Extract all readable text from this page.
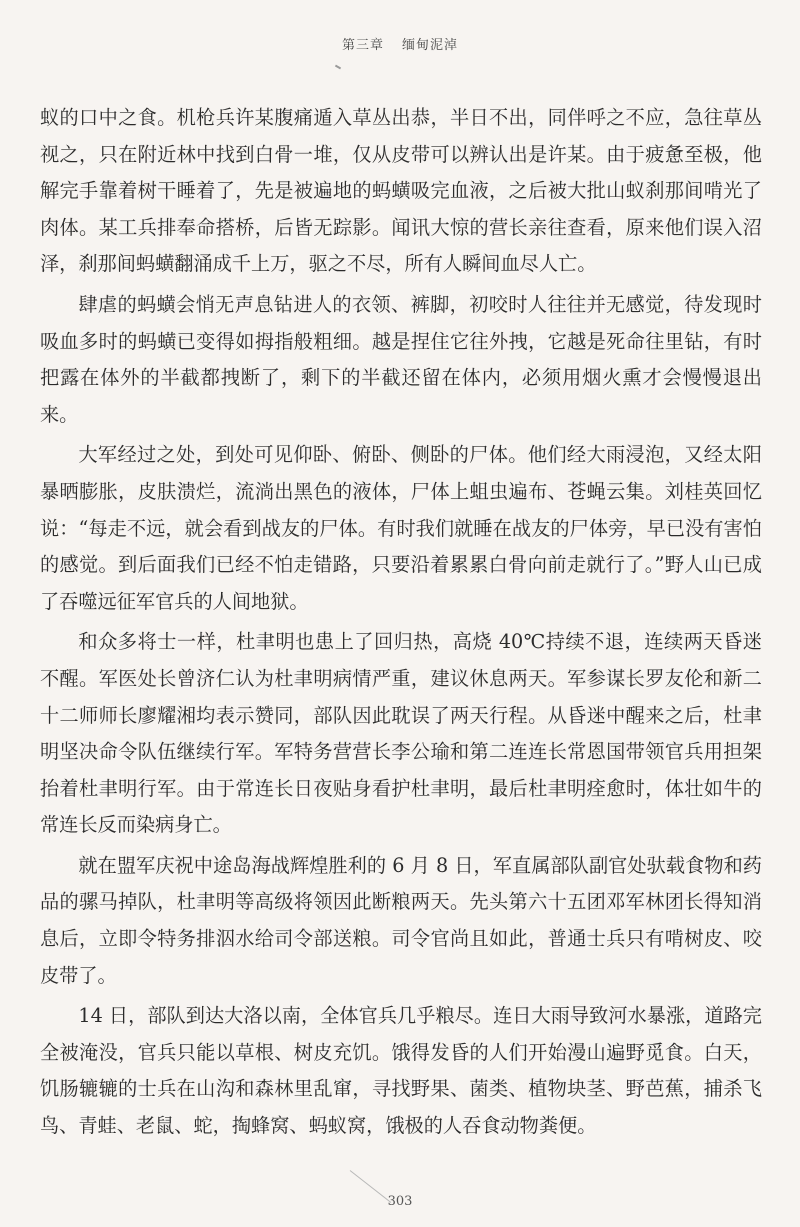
第三章 缅甸泥淖

蚁的口中之食。机枪兵许某腹痛遁入草丛出恭，半日不出，同伴呼之不应，急往草丛视之，只在附近林中找到白骨一堆，仅从皮带可以辨认出是许某。由于疲惫至极，他解完手靠着树干睡着了，先是被遍地的蚂蟥吸完血液，之后被大批山蚁刹那间啃光了肉体。某工兵排奉命搭桥，后皆无踪影。闻讯大惊的营长亲往查看，原来他们误入沼泽，刹那间蚂蟥翻涌成千上万，驱之不尽，所有人瞬间血尽人亡。

肆虐的蚂蟥会悄无声息钻进人的衣领、裤脚，初咬时人往往并无感觉，待发现时吸血多时的蚂蟥已变得如拇指般粗细。越是捏住它往外拽，它越是死命往里钻，有时把露在体外的半截都拽断了，剩下的半截还留在体内，必须用烟火熏才会慢慢退出来。

大军经过之处，到处可见仰卧、俯卧、侧卧的尸体。他们经大雨浸泡，又经太阳暴晒膨胀，皮肤溃烂，流淌出黑色的液体，尸体上蛆虫遍布、苍蝇云集。刘桂英回忆说：“每走不远，就会看到战友的尸体。有时我们就睡在战友的尸体旁，早已没有害怕的感觉。到后面我们已经不怕走错路，只要沿着累累白骨向前走就行了。”野人山已成了吞噬远征军官兵的人间地狱。

和众多将士一样，杜聿明也患上了回归热，高烧 40℃持续不退，连续两天昏迷不醒。军医处长曾济仁认为杜聿明病情严重，建议休息两天。军参谋长罗友伦和新二十二师师长廖耀湘均表示赞同，部队因此耽误了两天行程。从昏迷中醒来之后，杜聿明坚决命令队伍继续行军。军特务营营长李公瑜和第二连连长常恩国带领官兵用担架抬着杜聿明行军。由于常连长日夜贴身看护杜聿明，最后杜聿明痊愈时，体壮如牛的常连长反而染病身亡。

就在盟军庆祝中途岛海战辉煌胜利的 6 月 8 日，军直属部队副官处驮载食物和药品的骡马掉队，杜聿明等高级将领因此断粮两天。先头第六十五团邓军林团长得知消息后，立即令特务排泅水给司令部送粮。司令官尚且如此，普通士兵只有啃树皮、咬皮带了。

14 日，部队到达大洛以南，全体官兵几乎粮尽。连日大雨导致河水暴涨，道路完全被淹没，官兵只能以草根、树皮充饥。饿得发昏的人们开始漫山遍野觅食。白天，饥肠辘辘的士兵在山沟和森林里乱窜，寻找野果、菌类、植物块茎、野芭蕉，捕杀飞鸟、青蛙、老鼠、蛇，掏蜂窝、蚂蚁窝，饿极的人吞食动物粪便。

303
